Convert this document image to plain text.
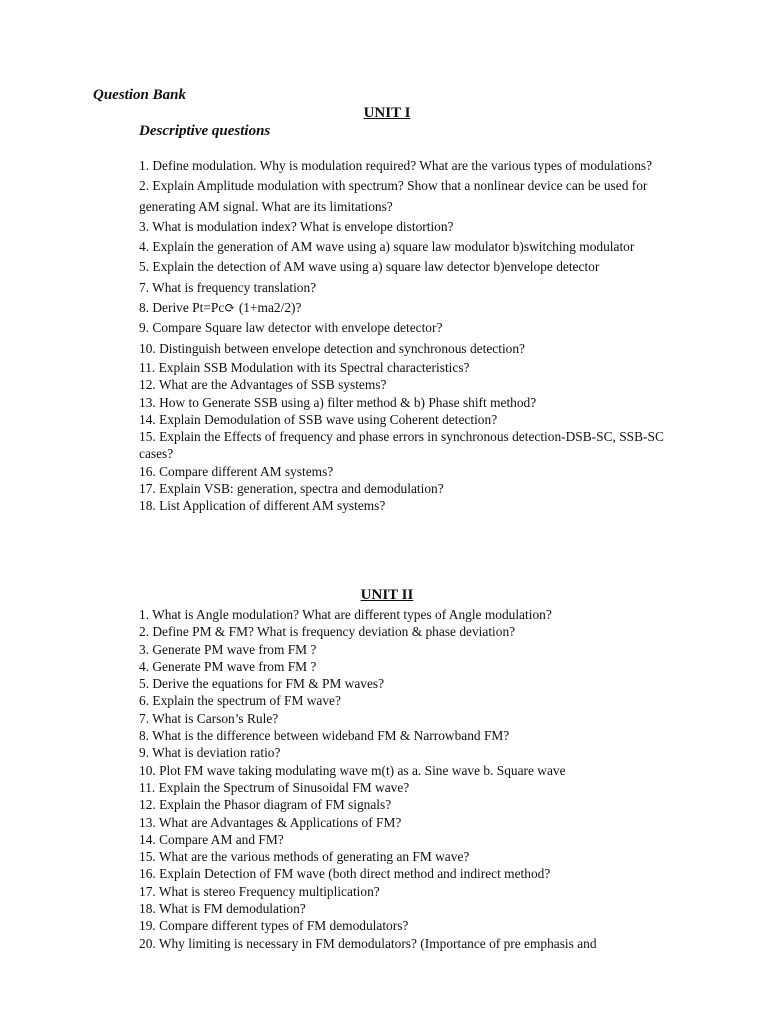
Question Bank

UNIT I

Descriptive questions

1. Define modulation. Why is modulation required? What are the various types of modulations?
2. Explain Amplitude modulation with spectrum? Show that a nonlinear device can be used for generating AM signal. What are its limitations?
3. What is modulation index? What is envelope distortion?
4. Explain the generation of AM wave using a) square law modulator b)switching modulator
5. Explain the detection of AM wave using a) square law detector b)envelope detector
7. What is frequency translation?
8. Derive Pt=Pc⟳ (1+ma2/2)?
9. Compare Square law detector with envelope detector?
10. Distinguish between envelope detection and synchronous detection?
11. Explain SSB Modulation with its Spectral characteristics?
12. What are the Advantages of SSB systems?
13. How to Generate SSB using a) filter method & b) Phase shift method?
14. Explain Demodulation of SSB wave using Coherent detection?
15. Explain the Effects of frequency and phase errors in synchronous detection-DSB-SC, SSB-SC cases?
16. Compare different AM systems?
17. Explain VSB: generation, spectra and demodulation?
18. List Application of different AM systems?

UNIT II

1. What is Angle modulation? What are different types of Angle modulation?
2. Define PM & FM? What is frequency deviation & phase deviation?
3. Generate PM wave from FM ?
4. Generate PM wave from FM ?
5. Derive the equations for FM & PM waves?
6. Explain the spectrum of FM wave?
7. What is Carson’s Rule?
8. What is the difference between wideband FM & Narrowband FM?
9. What is deviation ratio?
10. Plot FM wave taking modulating wave m(t) as a. Sine wave b. Square wave
11. Explain the Spectrum of Sinusoidal FM wave?
12. Explain the Phasor diagram of FM signals?
13. What are Advantages & Applications of FM?
14. Compare AM and FM?
15. What are the various methods of generating an FM wave?
16. Explain Detection of FM wave (both direct method and indirect method?
17. What is stereo Frequency multiplication?
18. What is FM demodulation?
19. Compare different types of FM demodulators?
20. Why limiting is necessary in FM demodulators? (Importance of pre emphasis and
